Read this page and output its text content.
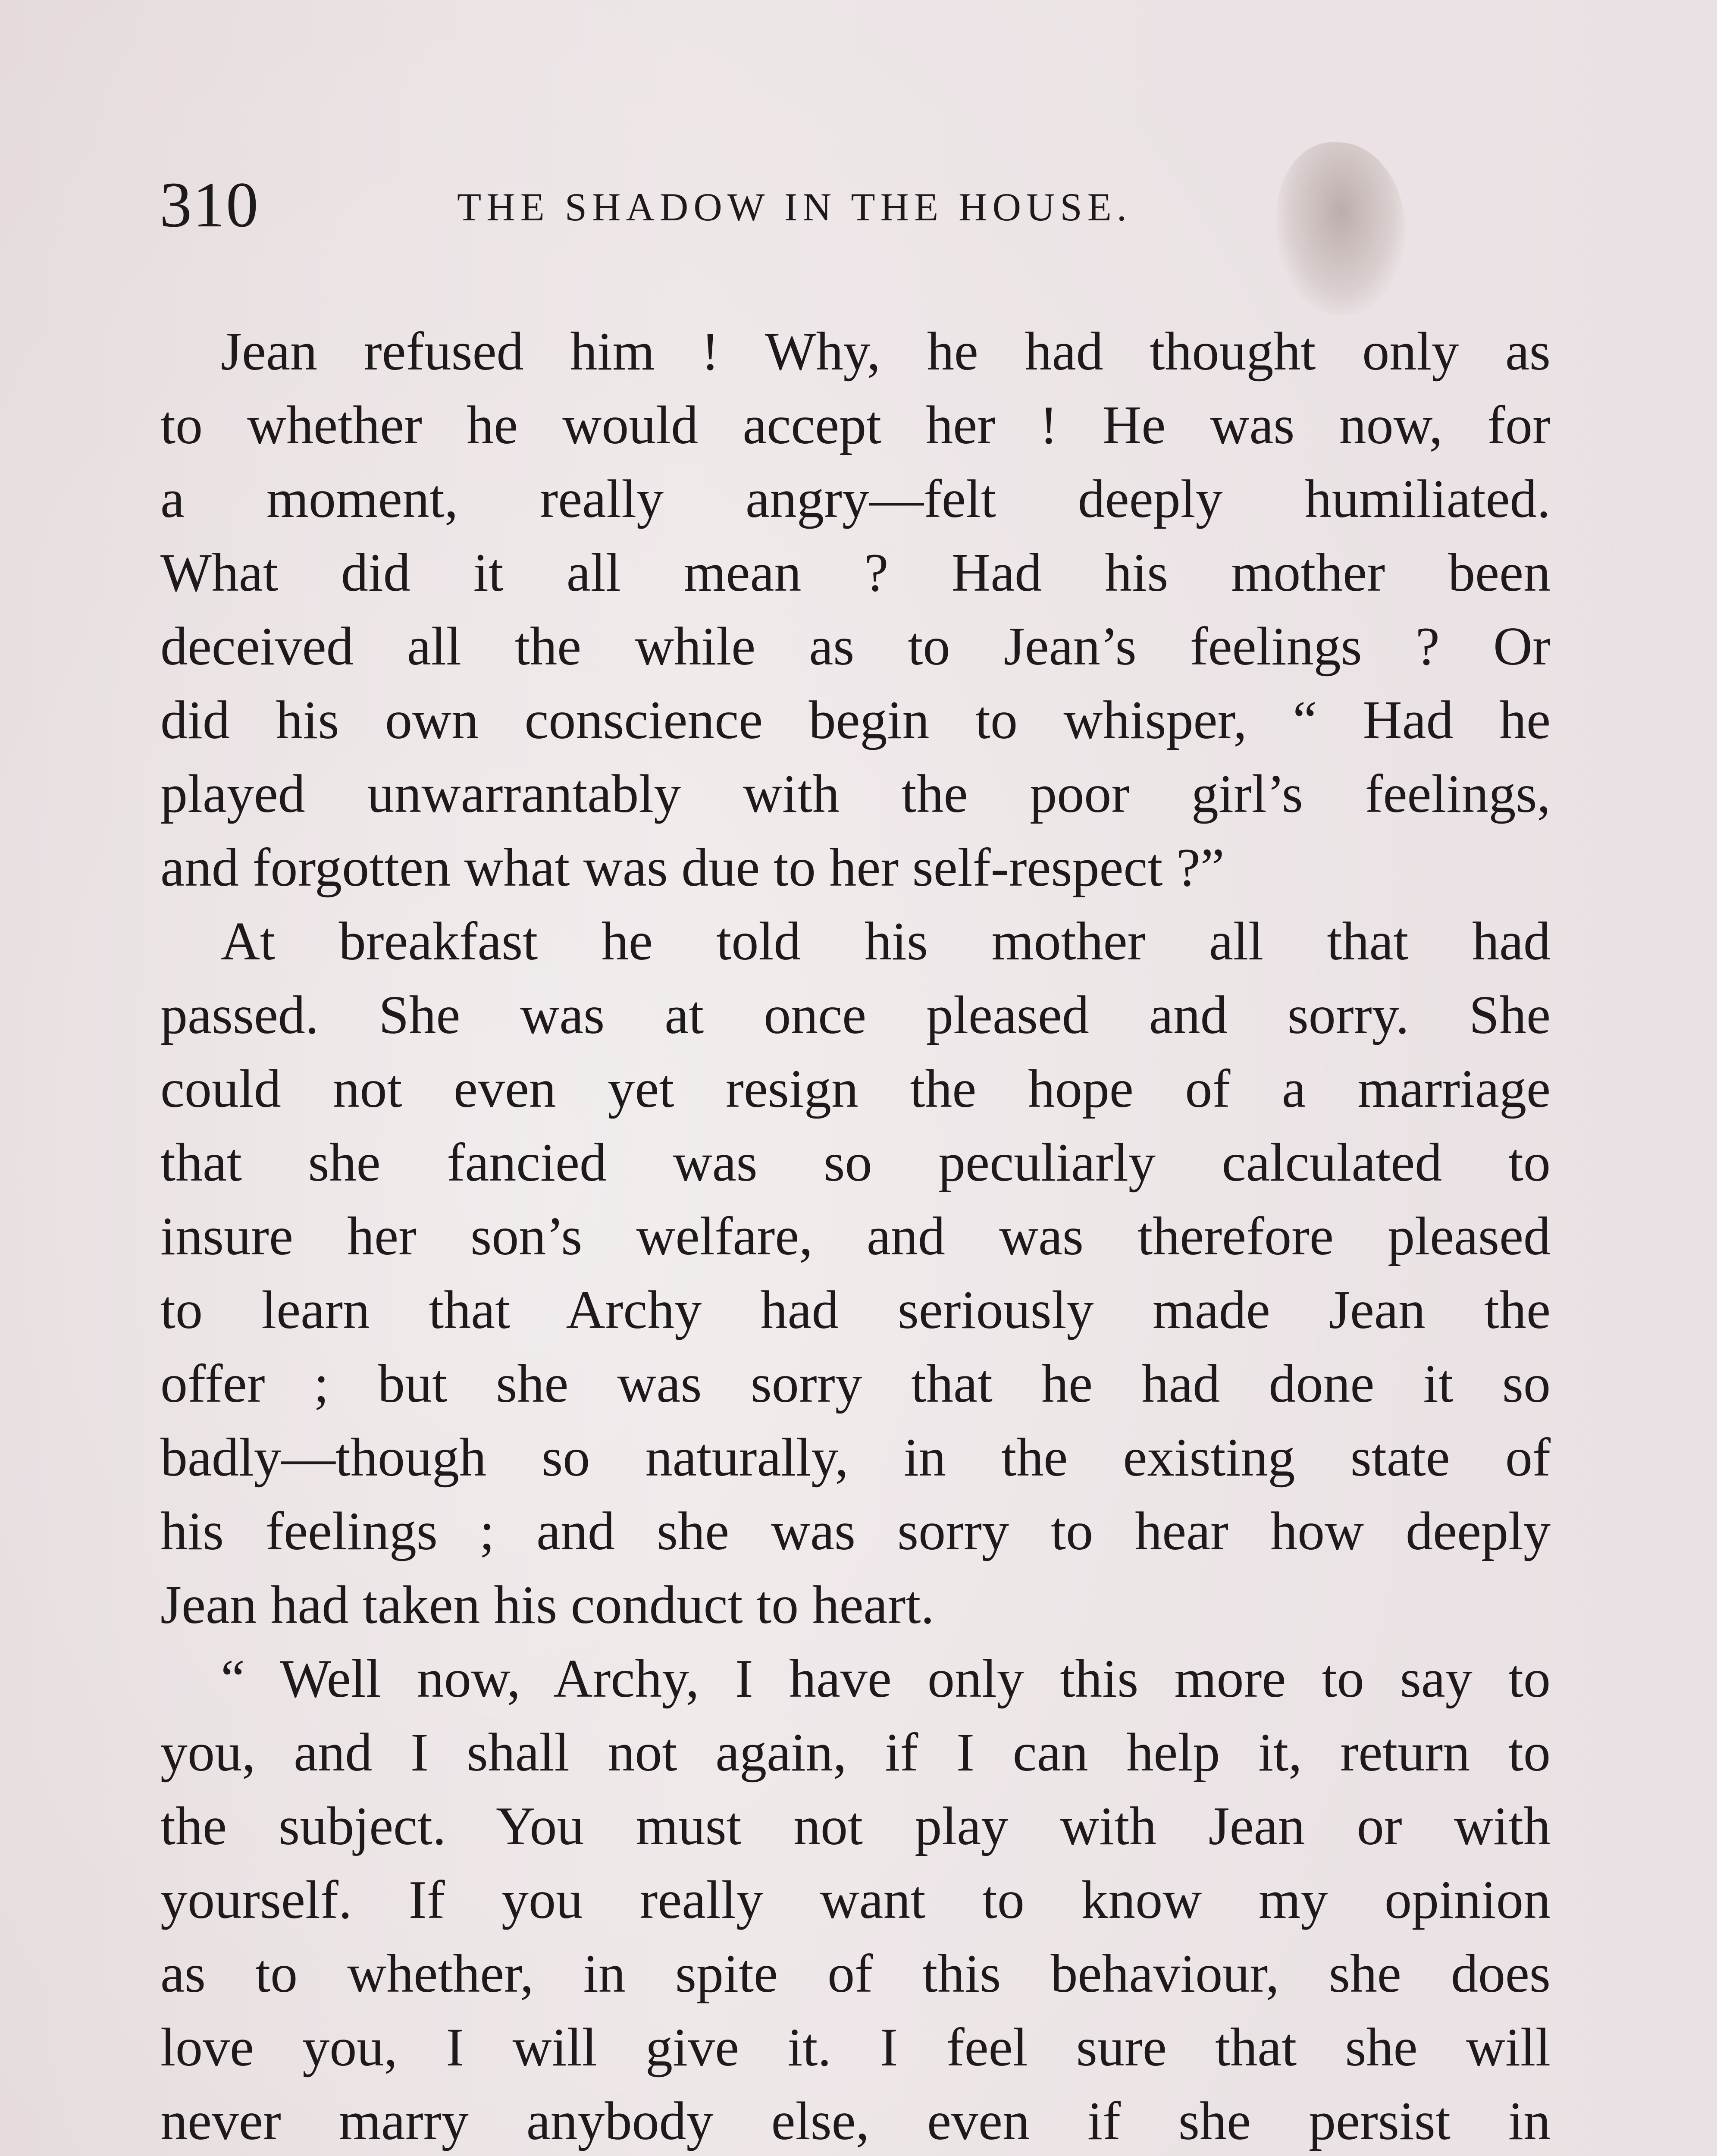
310	THE SHADOW IN THE HOUSE.
Jean refused him ! Why, he had thought only as
to whether he would accept her ! He was now, for
a moment, really angry—felt deeply humiliated.
What did it all mean ? Had his mother been
deceived all the while as to Jean’s feelings ? Or
did his own conscience begin to whisper, “ Had he
played unwarrantably with the poor girl’s feelings,
and forgotten what was due to her self-respect ?”
At breakfast he told his mother all that had
passed. She was at once pleased and sorry. She
could not even yet resign the hope of a marriage
that she fancied was so peculiarly calculated to
insure her son’s welfare, and was therefore pleased
to learn that Archy had seriously made Jean the
offer ; but she was sorry that he had done it so
badly—though so naturally, in the existing state of
his feelings ; and she was sorry to hear how deeply
Jean had taken his conduct to heart.
“ Well now, Archy, I have only this more to say to
you, and I shall not again, if I can help it, return to
the subject. You must not play with Jean or with
yourself. If you really want to know my opinion
as to whether, in spite of this behaviour, she does
love you, I will give it. I feel sure that she will
never marry anybody else, even if she persist in
